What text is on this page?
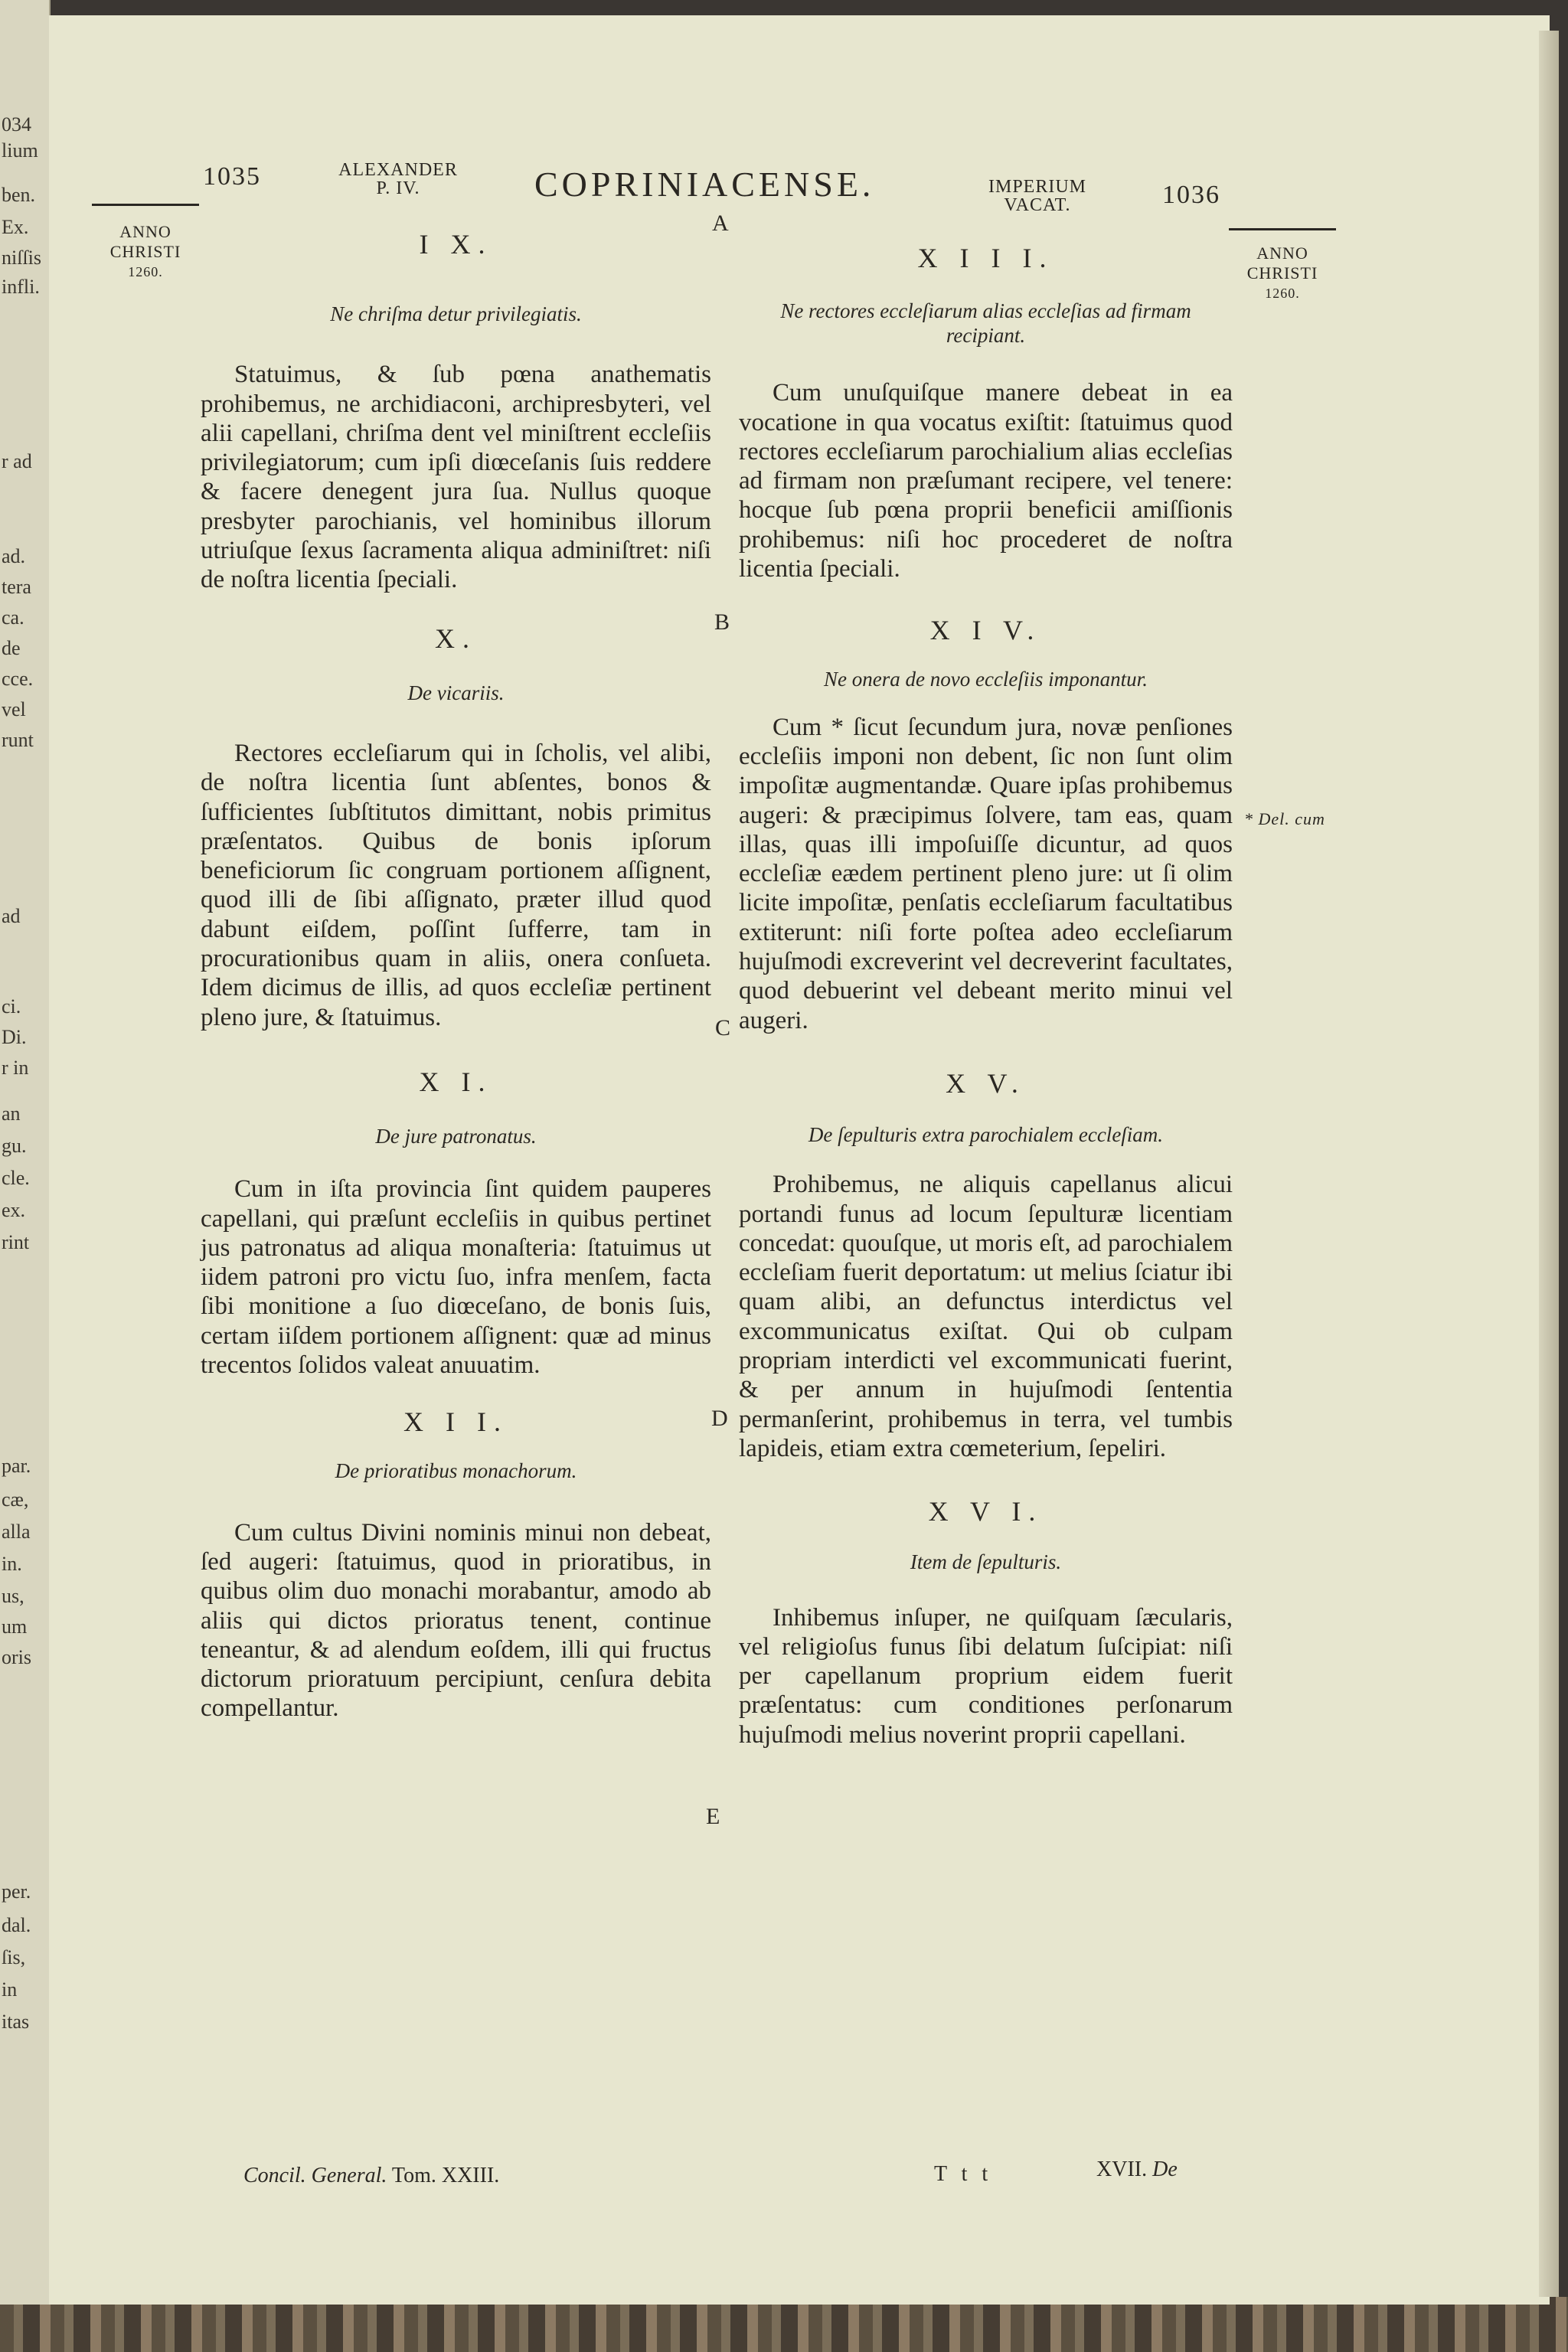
034
lium
ben.
Ex.
niſſis
infli.
r ad
ad.
tera
ca.
de
cce.
vel
runt
ad
ci.
Di.
r in
an
gu.
cle.
ex.
rint
par.
cæ,
alla
in.
us,
um
oris
per.
dal.
ſis,
in
itas
1035	ALEXANDER
P. IV.	COPRINIACENSE.	IMPERIUM
VACAT.	1036
ANNO
CHRISTI
1260.
ANNO
CHRISTI
1260.
* Del. cum
A
B
C
D
E
I X.

Ne chriſma detur privilegiatis.

Statuimus, & ſub pœna anathematis prohibemus, ne archidiaconi, archipresbyteri, vel alii capellani, chriſma dent vel miniſtrent eccleſiis privilegiatorum; cum ipſi diœceſanis ſuis reddere & facere denegent jura ſua. Nullus quoque presbyter parochianis, vel hominibus illorum utriuſque ſexus ſacramenta aliqua adminiſtret: niſi de noſtra licentia ſpeciali.

X.

De vicariis.

Rectores eccleſiarum qui in ſcholis, vel alibi, de noſtra licentia ſunt abſentes, bonos & ſufficientes ſubſtitutos dimittant, nobis primitus præſentatos. Quibus de bonis ipſorum beneficiorum ſic congruam portionem aſſignent, quod illi de ſibi aſſignato, præter illud quod dabunt eiſdem, poſſint ſufferre, tam in procurationibus quam in aliis, onera conſueta. Idem dicimus de illis, ad quos eccleſiæ pertinent pleno jure, & ſtatuimus.

X I.

De jure patronatus.

Cum in iſta provincia ſint quidem pauperes capellani, qui præſunt eccleſiis in quibus pertinet jus patronatus ad aliqua monaſteria: ſtatuimus ut iidem patroni pro victu ſuo, infra menſem, facta ſibi monitione a ſuo diœceſano, de bonis ſuis, certam iiſdem portionem aſſignent: quæ ad minus trecentos ſolidos valeat anuuatim.

X I I.

De prioratibus monachorum.

Cum cultus Divini nominis minui non debeat, ſed augeri: ſtatuimus, quod in prioratibus, in quibus olim duo monachi morabantur, amodo ab aliis qui dictos prioratus tenent, continue teneantur, & ad alendum eoſdem, illi qui fructus dictorum prioratuum percipiunt, cenſura debita compellantur.

X I I I.

Ne rectores eccleſiarum alias eccleſias ad firmam recipiant.

Cum unuſquiſque manere debeat in ea vocatione in qua vocatus exiſtit: ſtatuimus quod rectores eccleſiarum parochialium alias eccleſias ad firmam non præſumant recipere, vel tenere: hocque ſub pœna proprii beneficii amiſſionis prohibemus: niſi hoc procederet de noſtra licentia ſpeciali.

X I V.

Ne onera de novo eccleſiis imponantur.

Cum * ſicut ſecundum jura, novæ penſiones eccleſiis imponi non debent, ſic non ſunt olim impoſitæ augmentandæ. Quare ipſas prohibemus augeri: & præcipimus ſolvere, tam eas, quam illas, quas illi impoſuiſſe dicuntur, ad quos eccleſiæ eædem pertinent pleno jure: ut ſi olim licite impoſitæ, penſatis eccleſiarum facultatibus extiterunt: niſi forte poſtea adeo eccleſiarum hujuſmodi excreverint vel decreverint facultates, quod debuerint vel debeant merito minui vel augeri.

X V.

De ſepulturis extra parochialem eccleſiam.

Prohibemus, ne aliquis capellanus alicui portandi funus ad locum ſepulturæ licentiam concedat: quouſque, ut moris eſt, ad parochialem eccleſiam fuerit deportatum: ut melius ſciatur ibi quam alibi, an defunctus interdictus vel excommunicatus exiſtat. Qui ob culpam propriam interdicti vel excommunicati fuerint, & per annum in hujuſmodi ſententia permanſerint, prohibemus in terra, vel tumbis lapideis, etiam extra cœmeterium, ſepeliri.

X V I.

Item de ſepulturis.

Inhibemus inſuper, ne quiſquam ſæcularis, vel religioſus funus ſibi delatum ſuſcipiat: niſi per capellanum proprium eidem fuerit præſentatus: cum conditiones perſonarum hujuſmodi melius noverint proprii capellani.

Concil. General. Tom. XXIII.	T t t	XVII. De
